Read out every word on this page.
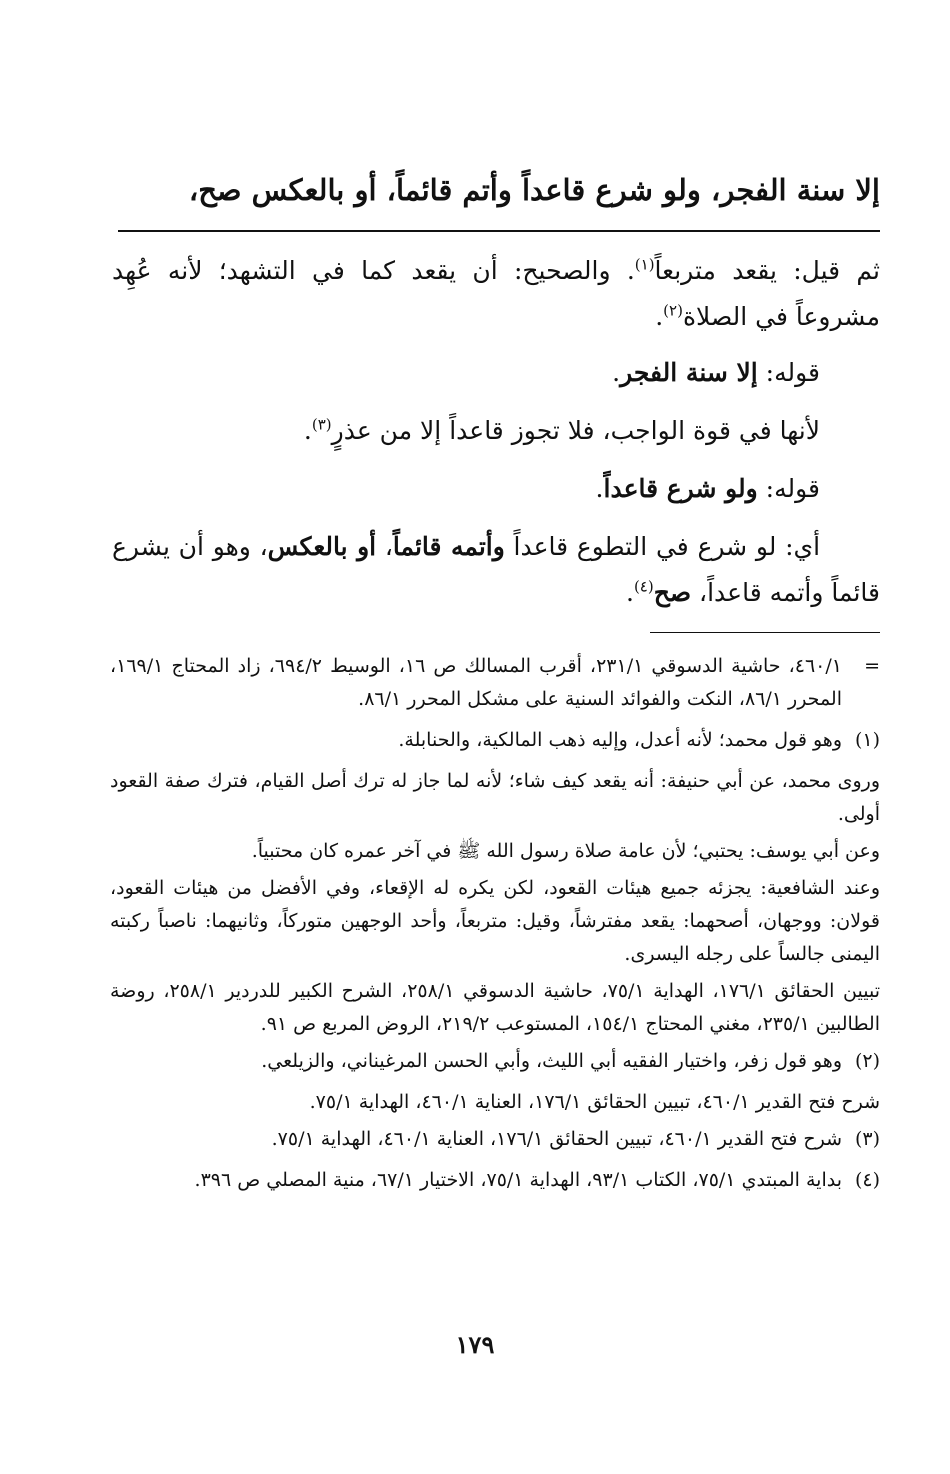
إلا سنة الفجر، ولو شرع قاعداً وأتم قائماً، أو بالعكس صح،

ثم قيل: يقعد متربعاً$^{(١)}$. والصحيح: أن يقعد كما في التشهد؛ لأنه عُهِد مشروعاً في الصلاة$^{(٢)}$.

قوله: إلا سنة الفجر.

لأنها في قوة الواجب، فلا تجوز قاعداً إلا من عذرٍ$^{(٣)}$.

قوله: ولو شرع قاعداً.

أي: لو شرع في التطوع قاعداً وأتمه قائماً، أو بالعكس، وهو أن يشرع قائماً وأتمه قاعداً، صح$^{(٤)}$.

=

٤٦٠/١، حاشية الدسوقي ٢٣١/١، أقرب المسالك ص ١٦، الوسيط ٦٩٤/٢، زاد المحتاج ١٦٩/١، المحرر ٨٦/١، النكت والفوائد السنية على مشكل المحرر ٨٦/١.

(١)

وهو قول محمد؛ لأنه أعدل، وإليه ذهب المالكية، والحنابلة.

وروى محمد، عن أبي حنيفة: أنه يقعد كيف شاء؛ لأنه لما جاز له ترك أصل القيام، فترك صفة القعود أولى.

وعن أبي يوسف: يحتبي؛ لأن عامة صلاة رسول الله ﷺ في آخر عمره كان محتبياً.

وعند الشافعية: يجزئه جميع هيئات القعود، لكن يكره له الإقعاء، وفي الأفضل من هيئات القعود، قولان: ووجهان، أصحهما: يقعد مفترشاً، وقيل: متربعاً، وأحد الوجهين متوركاً، وثانيهما: ناصباً ركبته اليمنى جالساً على رجله اليسرى.

تبيين الحقائق ١٧٦/١، الهداية ٧٥/١، حاشية الدسوقي ٢٥٨/١، الشرح الكبير للدردير ٢٥٨/١، روضة الطالبين ٢٣٥/١، مغني المحتاج ١٥٤/١، المستوعب ٢١٩/٢، الروض المربع ص ٩١.

(٢)

وهو قول زفر، واختيار الفقيه أبي الليث، وأبي الحسن المرغيناني، والزيلعي.

شرح فتح القدير ٤٦٠/١، تبيين الحقائق ١٧٦/١، العناية ٤٦٠/١، الهداية ٧٥/١.

(٣)

شرح فتح القدير ٤٦٠/١، تبيين الحقائق ١٧٦/١، العناية ٤٦٠/١، الهداية ٧٥/١.

(٤)

بداية المبتدي ٧٥/١، الكتاب ٩٣/١، الهداية ٧٥/١، الاختيار ٦٧/١، منية المصلي ص ٣٩٦.

١٧٩
